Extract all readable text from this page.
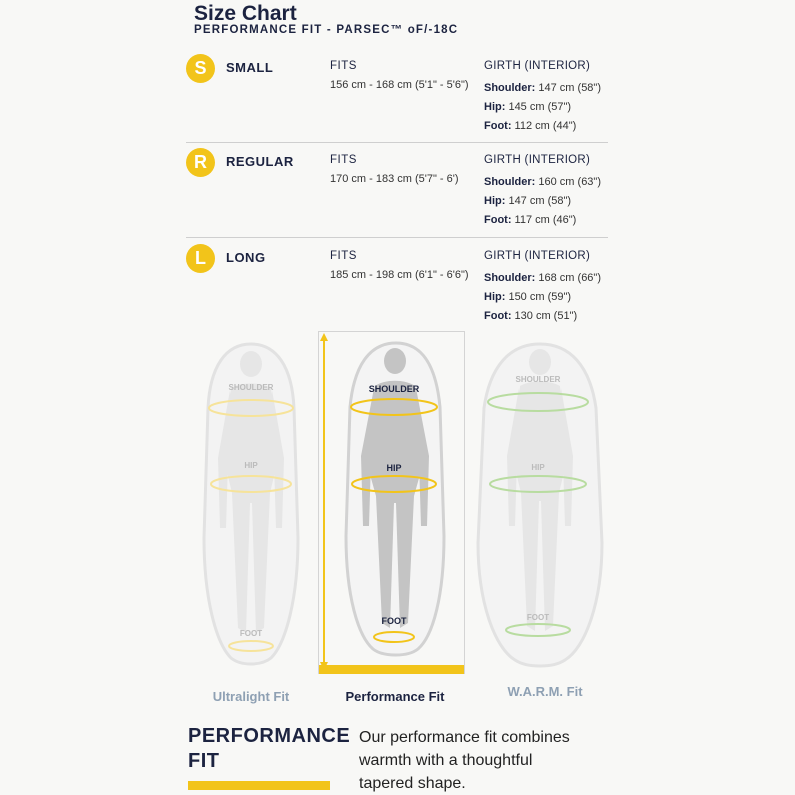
Size Chart
PERFORMANCE FIT - PARSEC™ oF/-18C
S	SMALL	FITS
156 cm - 168 cm (5'1" - 5'6")
GIRTH (INTERIOR)
Shoulder: 147 cm (58")
Hip: 145 cm (57")
Foot: 112 cm (44")
R	REGULAR	FITS
170 cm - 183 cm (5'7" - 6')
GIRTH (INTERIOR)
Shoulder: 160 cm (63")
Hip: 147 cm (58")
Foot: 117 cm (46")
L	LONG	FITS
185 cm - 198 cm (6'1" - 6'6")
GIRTH (INTERIOR)
Shoulder: 168 cm (66")
Hip: 150 cm (59")
Foot: 130 cm (51")
SHOULDER
HIP
FOOT
SHOULDER
HIP
FOOT
SHOULDER
HIP
FOOT
Ultralight Fit	Performance Fit	W.A.R.M. Fit
PERFORMANCE
FIT
Our performance fit combines warmth with a thoughtful tapered shape.
